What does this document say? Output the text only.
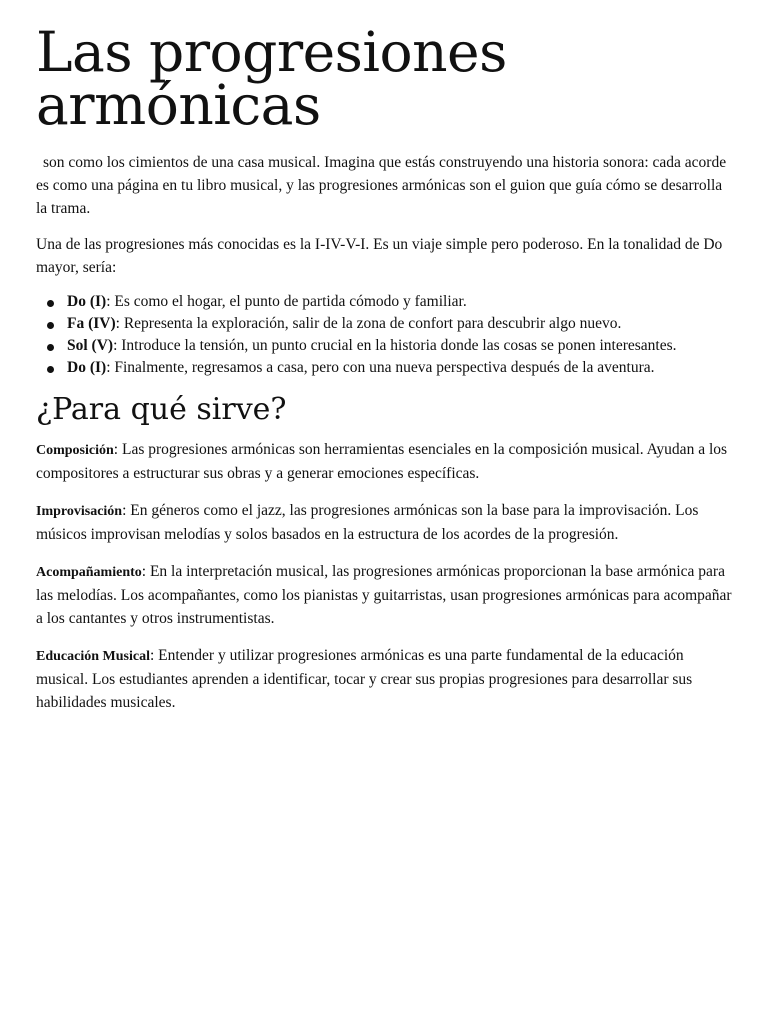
Las progresiones armónicas

son como los cimientos de una casa musical. Imagina que estás construyendo una historia sonora: cada acorde es como una página en tu libro musical, y las progresiones armónicas son el guion que guía cómo se desarrolla la trama.

Una de las progresiones más conocidas es la I-IV-V-I. Es un viaje simple pero poderoso. En la tonalidad de Do mayor, sería:

Do (I): Es como el hogar, el punto de partida cómodo y familiar.
Fa (IV): Representa la exploración, salir de la zona de confort para descubrir algo nuevo.
Sol (V): Introduce la tensión, un punto crucial en la historia donde las cosas se ponen interesantes.
Do (I): Finalmente, regresamos a casa, pero con una nueva perspectiva después de la aventura.
¿Para qué sirve?

Composición: Las progresiones armónicas son herramientas esenciales en la composición musical. Ayudan a los compositores a estructurar sus obras y a generar emociones específicas.

Improvisación: En géneros como el jazz, las progresiones armónicas son la base para la improvisación. Los músicos improvisan melodías y solos basados en la estructura de los acordes de la progresión.

Acompañamiento: En la interpretación musical, las progresiones armónicas proporcionan la base armónica para las melodías. Los acompañantes, como los pianistas y guitarristas, usan progresiones armónicas para acompañar a los cantantes y otros instrumentistas.

Educación Musical: Entender y utilizar progresiones armónicas es una parte fundamental de la educación musical. Los estudiantes aprenden a identificar, tocar y crear sus propias progresiones para desarrollar sus habilidades musicales.
